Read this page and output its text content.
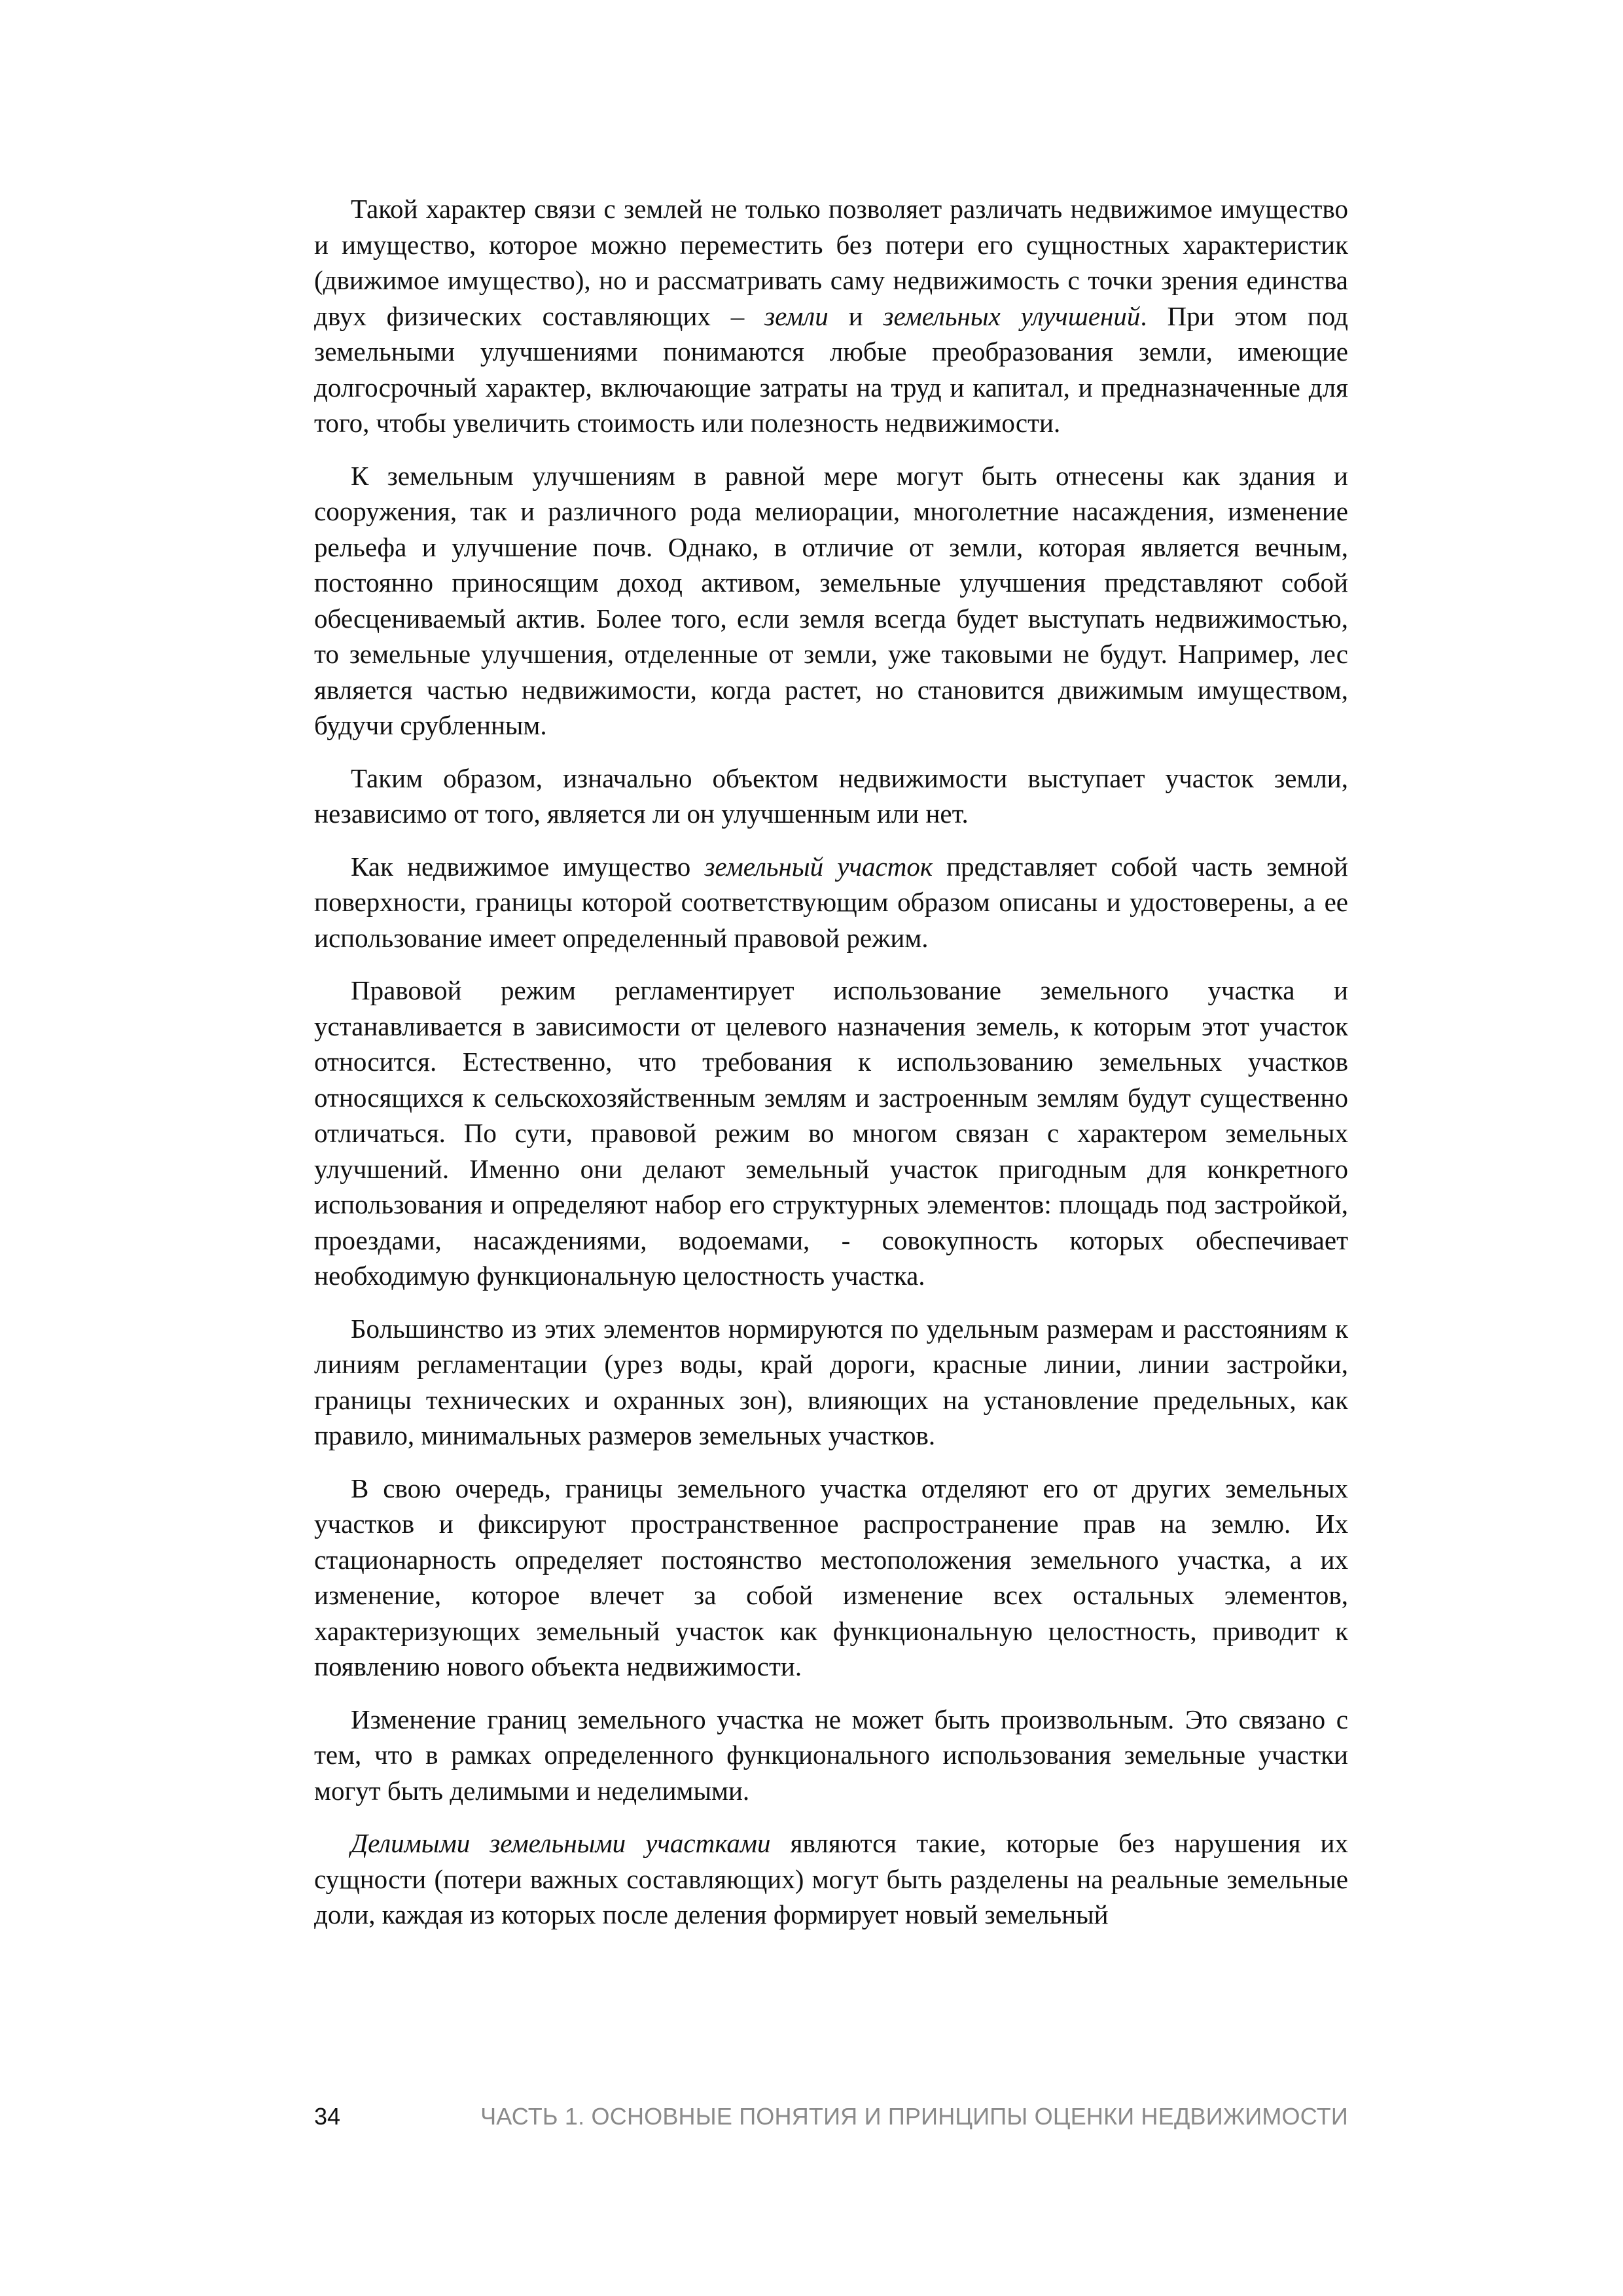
Такой характер связи с землей не только позволяет различать недвижимое имущество и имущество, которое можно переместить без потери его сущностных характеристик (движимое имущество), но и рассматривать саму недвижимость с точки зрения единства двух физических составляющих – земли и земельных улучшений. При этом под земельными улучшениями понимаются любые преобразования земли, имеющие долгосрочный характер, включающие затраты на труд и капитал, и предназначенные для того, чтобы увеличить стоимость или полезность недвижимости.

К земельным улучшениям в равной мере могут быть отнесены как здания и сооружения, так и различного рода мелиорации, многолетние насаждения, изменение рельефа и улучшение почв. Однако, в отличие от земли, которая является вечным, постоянно приносящим доход активом, земельные улучшения представляют собой обесцениваемый актив. Более того, если земля всегда будет выступать недвижимостью, то земельные улучшения, отделенные от земли, уже таковыми не будут. Например, лес является частью недвижимости, когда растет, но становится движимым имуществом, будучи срубленным.

Таким образом, изначально объектом недвижимости выступает участок земли, независимо от того, является ли он улучшенным или нет.

Как недвижимое имущество земельный участок представляет собой часть земной поверхности, границы которой соответствующим образом описаны и удостоверены, а ее использование имеет определенный правовой режим.

Правовой режим регламентирует использование земельного участка и устанавливается в зависимости от целевого назначения земель, к которым этот участок относится. Естественно, что требования к использованию земельных участков относящихся к сельскохозяйственным землям и застроенным землям будут существенно отличаться. По сути, правовой режим во многом связан с характером земельных улучшений. Именно они делают земельный участок пригодным для конкретного использования и определяют набор его структурных элементов: площадь под застройкой, проездами, насаждениями, водоемами, - совокупность которых обеспечивает необходимую функциональную целостность участка.

Большинство из этих элементов нормируются по удельным размерам и расстояниям к линиям регламентации (урез воды, край дороги, красные линии, линии застройки, границы технических и охранных зон), влияющих на установление предельных, как правило, минимальных размеров земельных участков.

В свою очередь, границы земельного участка отделяют его от других земельных участков и фиксируют пространственное распространение прав на землю. Их стационарность определяет постоянство местоположения земельного участка, а их изменение, которое влечет за собой изменение всех остальных элементов, характеризующих земельный участок как функциональную целостность, приводит к появлению нового объекта недвижимости.

Изменение границ земельного участка не может быть произвольным. Это связано с тем, что в рамках определенного функционального использования земельные участки могут быть делимыми и неделимыми.

Делимыми земельными участками являются такие, которые без нарушения их сущности (потери важных составляющих) могут быть разделены на реальные земельные доли, каждая из которых после деления формирует новый земельный

34	ЧАСТЬ 1. ОСНОВНЫЕ ПОНЯТИЯ И ПРИНЦИПЫ ОЦЕНКИ НЕДВИЖИМОСТИ
